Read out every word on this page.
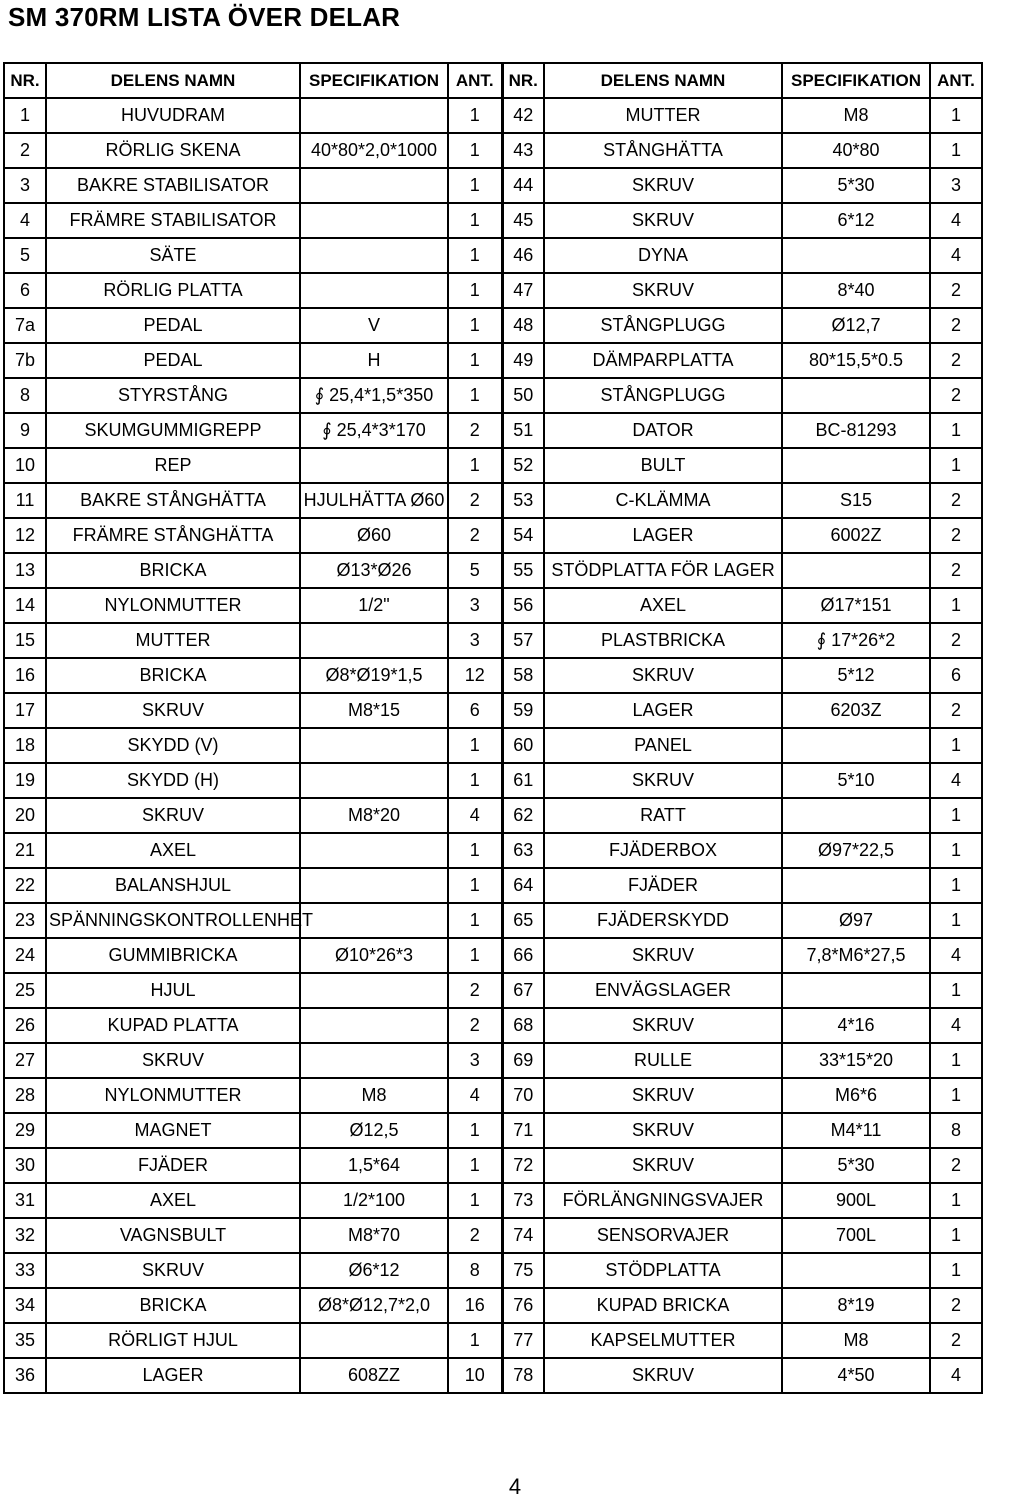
SM 370RM LISTA ÖVER DELAR
NR.	DELENS NAMN	SPECIFIKATION	ANT.	NR.	DELENS NAMN	SPECIFIKATION	ANT.
1	HUVUDRAM		1	42	MUTTER	M8	1
2	RÖRLIG SKENA	40*80*2,0*1000	1	43	STÅNGHÄTTA	40*80	1
3	BAKRE STABILISATOR		1	44	SKRUV	5*30	3
4	FRÄMRE STABILISATOR		1	45	SKRUV	6*12	4
5	SÄTE		1	46	DYNA		4
6	RÖRLIG PLATTA		1	47	SKRUV	8*40	2
7a	PEDAL	V	1	48	STÅNGPLUGG	Ø12,7	2
7b	PEDAL	H	1	49	DÄMPARPLATTA	80*15,5*0.5	2
8	STYRSTÅNG	∮ 25,4*1,5*350	1	50	STÅNGPLUGG		2
9	SKUMGUMMIGREPP	∮ 25,4*3*170	2	51	DATOR	BC-81293	1
10	REP		1	52	BULT		1
11	BAKRE STÅNGHÄTTA	HJULHÄTTA Ø60	2	53	C-KLÄMMA	S15	2
12	FRÄMRE STÅNGHÄTTA	Ø60	2	54	LAGER	6002Z	2
13	BRICKA	Ø13*Ø26	5	55	STÖDPLATTA FÖR LAGER		2
14	NYLONMUTTER	1/2"	3	56	AXEL	Ø17*151	1
15	MUTTER		3	57	PLASTBRICKA	∮ 17*26*2	2
16	BRICKA	Ø8*Ø19*1,5	12	58	SKRUV	5*12	6
17	SKRUV	M8*15	6	59	LAGER	6203Z	2
18	SKYDD (V)		1	60	PANEL		1
19	SKYDD (H)		1	61	SKRUV	5*10	4
20	SKRUV	M8*20	4	62	RATT		1
21	AXEL		1	63	FJÄDERBOX	Ø97*22,5	1
22	BALANSHJUL		1	64	FJÄDER		1
23	SPÄNNINGSKONTROLLENHET		1	65	FJÄDERSKYDD	Ø97	1
24	GUMMIBRICKA	Ø10*26*3	1	66	SKRUV	7,8*M6*27,5	4
25	HJUL		2	67	ENVÄGSLAGER		1
26	KUPAD PLATTA		2	68	SKRUV	4*16	4
27	SKRUV		3	69	RULLE	33*15*20	1
28	NYLONMUTTER	M8	4	70	SKRUV	M6*6	1
29	MAGNET	Ø12,5	1	71	SKRUV	M4*11	8
30	FJÄDER	1,5*64	1	72	SKRUV	5*30	2
31	AXEL	1/2*100	1	73	FÖRLÄNGNINGSVAJER	900L	1
32	VAGNSBULT	M8*70	2	74	SENSORVAJER	700L	1
33	SKRUV	Ø6*12	8	75	STÖDPLATTA		1
34	BRICKA	Ø8*Ø12,7*2,0	16	76	KUPAD BRICKA	8*19	2
35	RÖRLIGT HJUL		1	77	KAPSELMUTTER	M8	2
36	LAGER	608ZZ	10	78	SKRUV	4*50	4
4
